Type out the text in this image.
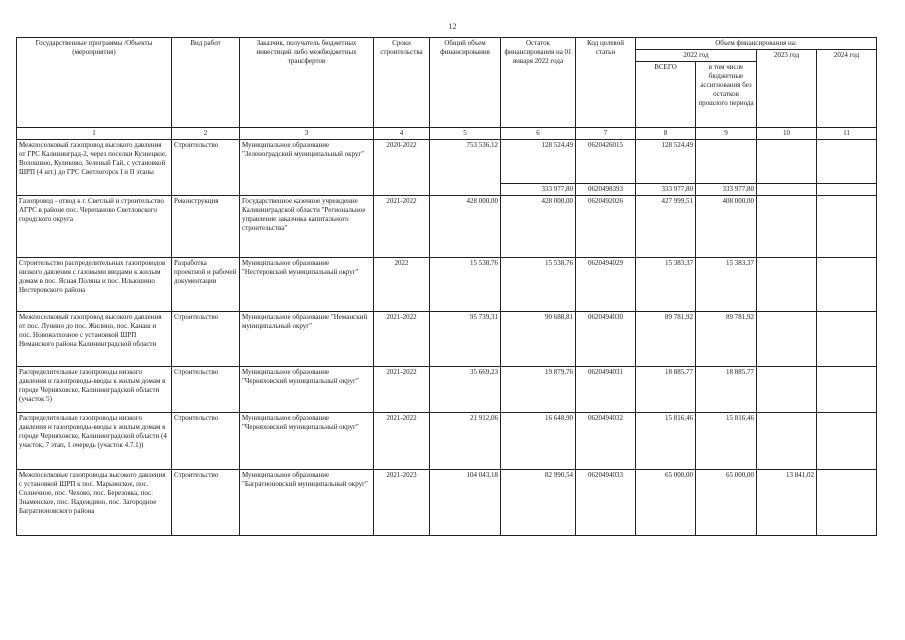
12
Государственные программы /Объекты (мероприятия)	Вид работ	Заказчик, получатель бюджетных инвестиций либо межбюджетных трансфертов	Сроки строительства	Общий объем финансирования	Остаток финансирования на 01 января 2022 года	Код целевой статьи	Объем финансирования на:			
							2022 год		2023 год	2024 год
							ВСЕГО	в том числе бюджетные ассигнования без остатков прошлого периода		
1	2	3	4	5	6	7	8	9	10	11
Межпоселковый газопровод высокого давления от ГРС Калининград-2, через поселки Кузнецкое, Волошино, Куликово, Зеленый Гай, с установкой ШРП (4 шт.) до ГРС Светлогорск I и II этапы	Строительство	Муниципальное образование "Зеленоградский муниципальный округ"	2020-2022	753 536,12	128 524,49	0620426015	128 524,49			
					333 977,80	0620498393	333 977,80	333 977,80		
Газопровод - отвод к г. Светлый и строительство АГРС в районе пос. Черепаново Светловского городского округа	Реконструкция	Государственное казенное учреждение Калининградской области "Региональное управление заказчика капитального строительства"	2021-2022	428 000,00	428 000,00	0620492026	427 999,51	408 000,00		
Строительство распределительных газопроводов низкого давления с газовыми вводами к жилым домам в пос. Ясная Поляна и пос. Ильюшино Нестеровского района	Разработка проектной и рабочей документации	Муниципальное образование "Нестеровский муниципальный округ"	2022	15 538,76	15 538,76	0620494029	15 383,37	15 383,37		
Межпоселковый газопровод высокого давления от пос. Лунино до пос. Жилино, пос. Канаш и пос. Новоколхозное с установкой ШРП Неманского района Калининградской области	Строительство	Муниципальное образование "Неманский муниципальный округ"	2021-2022	95 739,31	90 688,81	0620494030	89 781,92	89 781,92		
Распределительные газопроводы низкого давления и газопроводы-вводы к жилым домам в городе Черняховске, Калининградской области (участок 5)	Строительство	Муниципальное образование "Черняховский муниципальный округ"	2021-2022	35 669,23	19 879,76	0620494031	18 885,77	18 885,77		
Распределительные газопроводы низкого давления и газопроводы-вводы к жилым домам в городе Черняховске, Калининградской области (4 участок, 7 этап, 1 очередь (участок 4.7.1))	Строительство	Муниципальное образование "Черняховский муниципальный округ"	2021-2022	21 912,06	16 648,90	0620494032	15 816,46	15 816,46		
Межпоселковые газопроводы высокого давления с установкой ШРП к пос. Марьинское, пос. Солнечное, пос. Чехово, пос. Березовка, пос. Знаменское, пос. Надеждино, пос. Загородное Багратионовского района	Строительство	Муниципальное образование "Багратионовский муниципальный округ"	2021-2023	104 043,18	82 990,54	0620494033	65 000,00	65 000,00	13 841,02	
